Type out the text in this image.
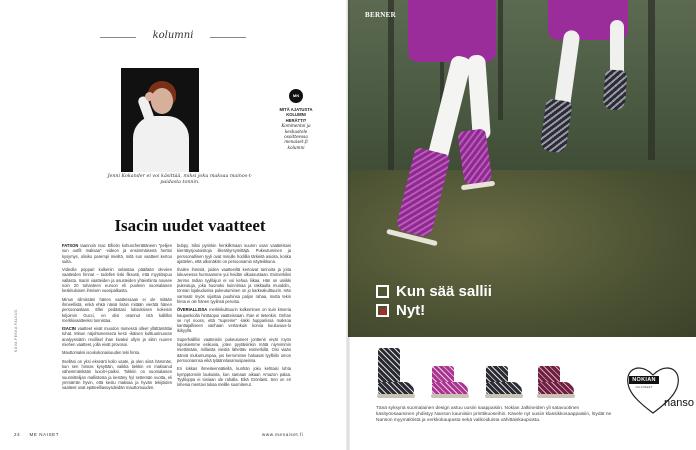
kolumni
Jenni Kokander ei voi käsittää, miksi joku maksaa mainos-t-paidasta tonnin.
MN
MITÄ AJATUSTA KOLUMNI HERÄTTI?
Kommentoi ja keskustele osoitteessa menaiset.fi kolumni
Isacin uudet vaatteet

FATSON taannoin Isac Elliotin kohuscherättäneen "pelijen sun outfit maksaa" -videon ja ensimmäisenä herttoi kysymys, olisiko parempi mielitä, mitä sun vaatteet kertoo sulta.

Videolla poppari kulkenin selaistaa pääilään oleviien vaatteiden hinnat – todellen tiski fiksusti, että myytiöspuo vallasta. Isacin vaatteiden ja asusteiden yhteishinta nousee noin 20 tuhanteen euroon eli puoleen suomalaisen keskituloisen ihmisen vuosipalkasta.

Minun silmissäni hänen vaatteissaan ei ole mitään ihmeellistä, enkä ehkä näsiä lisäin mitään vierätä hänen persoonastaan. Ellei pedästasi luksuksisen kokeisin krijoimin Gucci, en olisi osannut istä kallilksi merkkivaatteeksi tunnistaa.

ISACIN vaatteet eivät muodon mimessä olleet yllättämättai tuhat. Minun näjohtunesseza kesti -ikäisen kulttuurinuoran analyyssiärin rexillisel ihan kivaksi ollyin ja siitin nuoren miehen vaatteet, jolla eivät provosoi.

Mauttomaksi isoukokonaisuuden teki hinta.

Itselläni on yksi ekseärti kollo vaate, ja olen siinä hämmäs, kun sen hinnas kysyttäin, vaikka tiekkin en maksanut vähemmänkään luxolt-i-paiksi. Tokkiin on suomalaisen suunnittelijan mallistosta ja kestäny hyl settemän vuotta, eli ymmärrän hyvin, että kestu maksaa ja hyvän tekijöiden vaatteet ovat epäteelliasuysdeidän mauttomuuden.

bubpy. Siksi pyrinkin henkilkmaan suuren osan vaatteistani kierrätysjoutoisitoja ilkentityrsymittäjä. Pukeutuminen ja persoonallinen tyyli ovat minulle hodillia tärkeitä asioita, koska ajattelen, että ulkonäkön on persoonamin näyteikkuna.

Ihailen ihmisiä, joiden vaatteeiltä kertoivat tarinoita ja joita lukuveessa hurmaamme yui heidän ulkoasustaan. Esimerkiksi Jerimo Indian tyylilajun ei voi kehua liikaa. Hän on uniikki pukeutuja, joka huonoko kuinnimaa ja rakkaulla muoddin,, tonnan lojakudusisa pukeutuminen on jo karkeakulttuurin. Hän varmasti myös sijoittaa puuhinsa paljon rahaa, mutta tekin hinta ei ole hänen tyylinsä perusta.

ÖVERIALLISSA merkkikulttuurin kulkeminen on kuin köveria kaupunkiolla hinttaopui vaatteissaan. Ihan ei tietenkin. Onhan se nyt nooss, että "supreme" -lakki huppariissa maksoa kanttajalliseen vanhaan vertankuin korvia kuuluvuus-lo ikikyyllä.

Superhalilliin vaatteisiin pukeutuneet jonttenit eivät myös lopoisiemme esikuvia, joten pyytäisinkin mätä niyrvimmin miettimään, millaista viestiä lähettäv esimerkillä. Oisi viaän äänvä mukumumpaa, jos kerrominne haluavat tyylbilin omon persoonannsa eikä tyläännlasamuspaeissa.

Eri lokkas ihmeiteennätiellä, kunhän joku kehtaisi lohta kympptonniin laukuista, kun samaan aikaan Amazon palaa. Tyyliloppa ei tosiaan ole rahalla. Eikä Grönlanti. Sen on eri lohenia mentavi tukaa melille suomitenut.

KUVA PEKKA FALKUS
24 ME NAISET	www.menaiset.fi
BERNER
Kun sää sallii
✕
Nyt!
NOKIAN
JALKINEET
nanso
Tänä syksynä suomalainen design astuu uusiin saappaisiin. Nokian Jalkineiden yli satavuotinen käsityöosaaminen yhdistyy Nanson kauniisiin printtikuoseihin. Kävele nyt uusiin klassikkosaappaisiin, löydät ne Nanson myymälöistä ja verkkokaupasta sekä valikoiduista vähittäiskaupoista.
